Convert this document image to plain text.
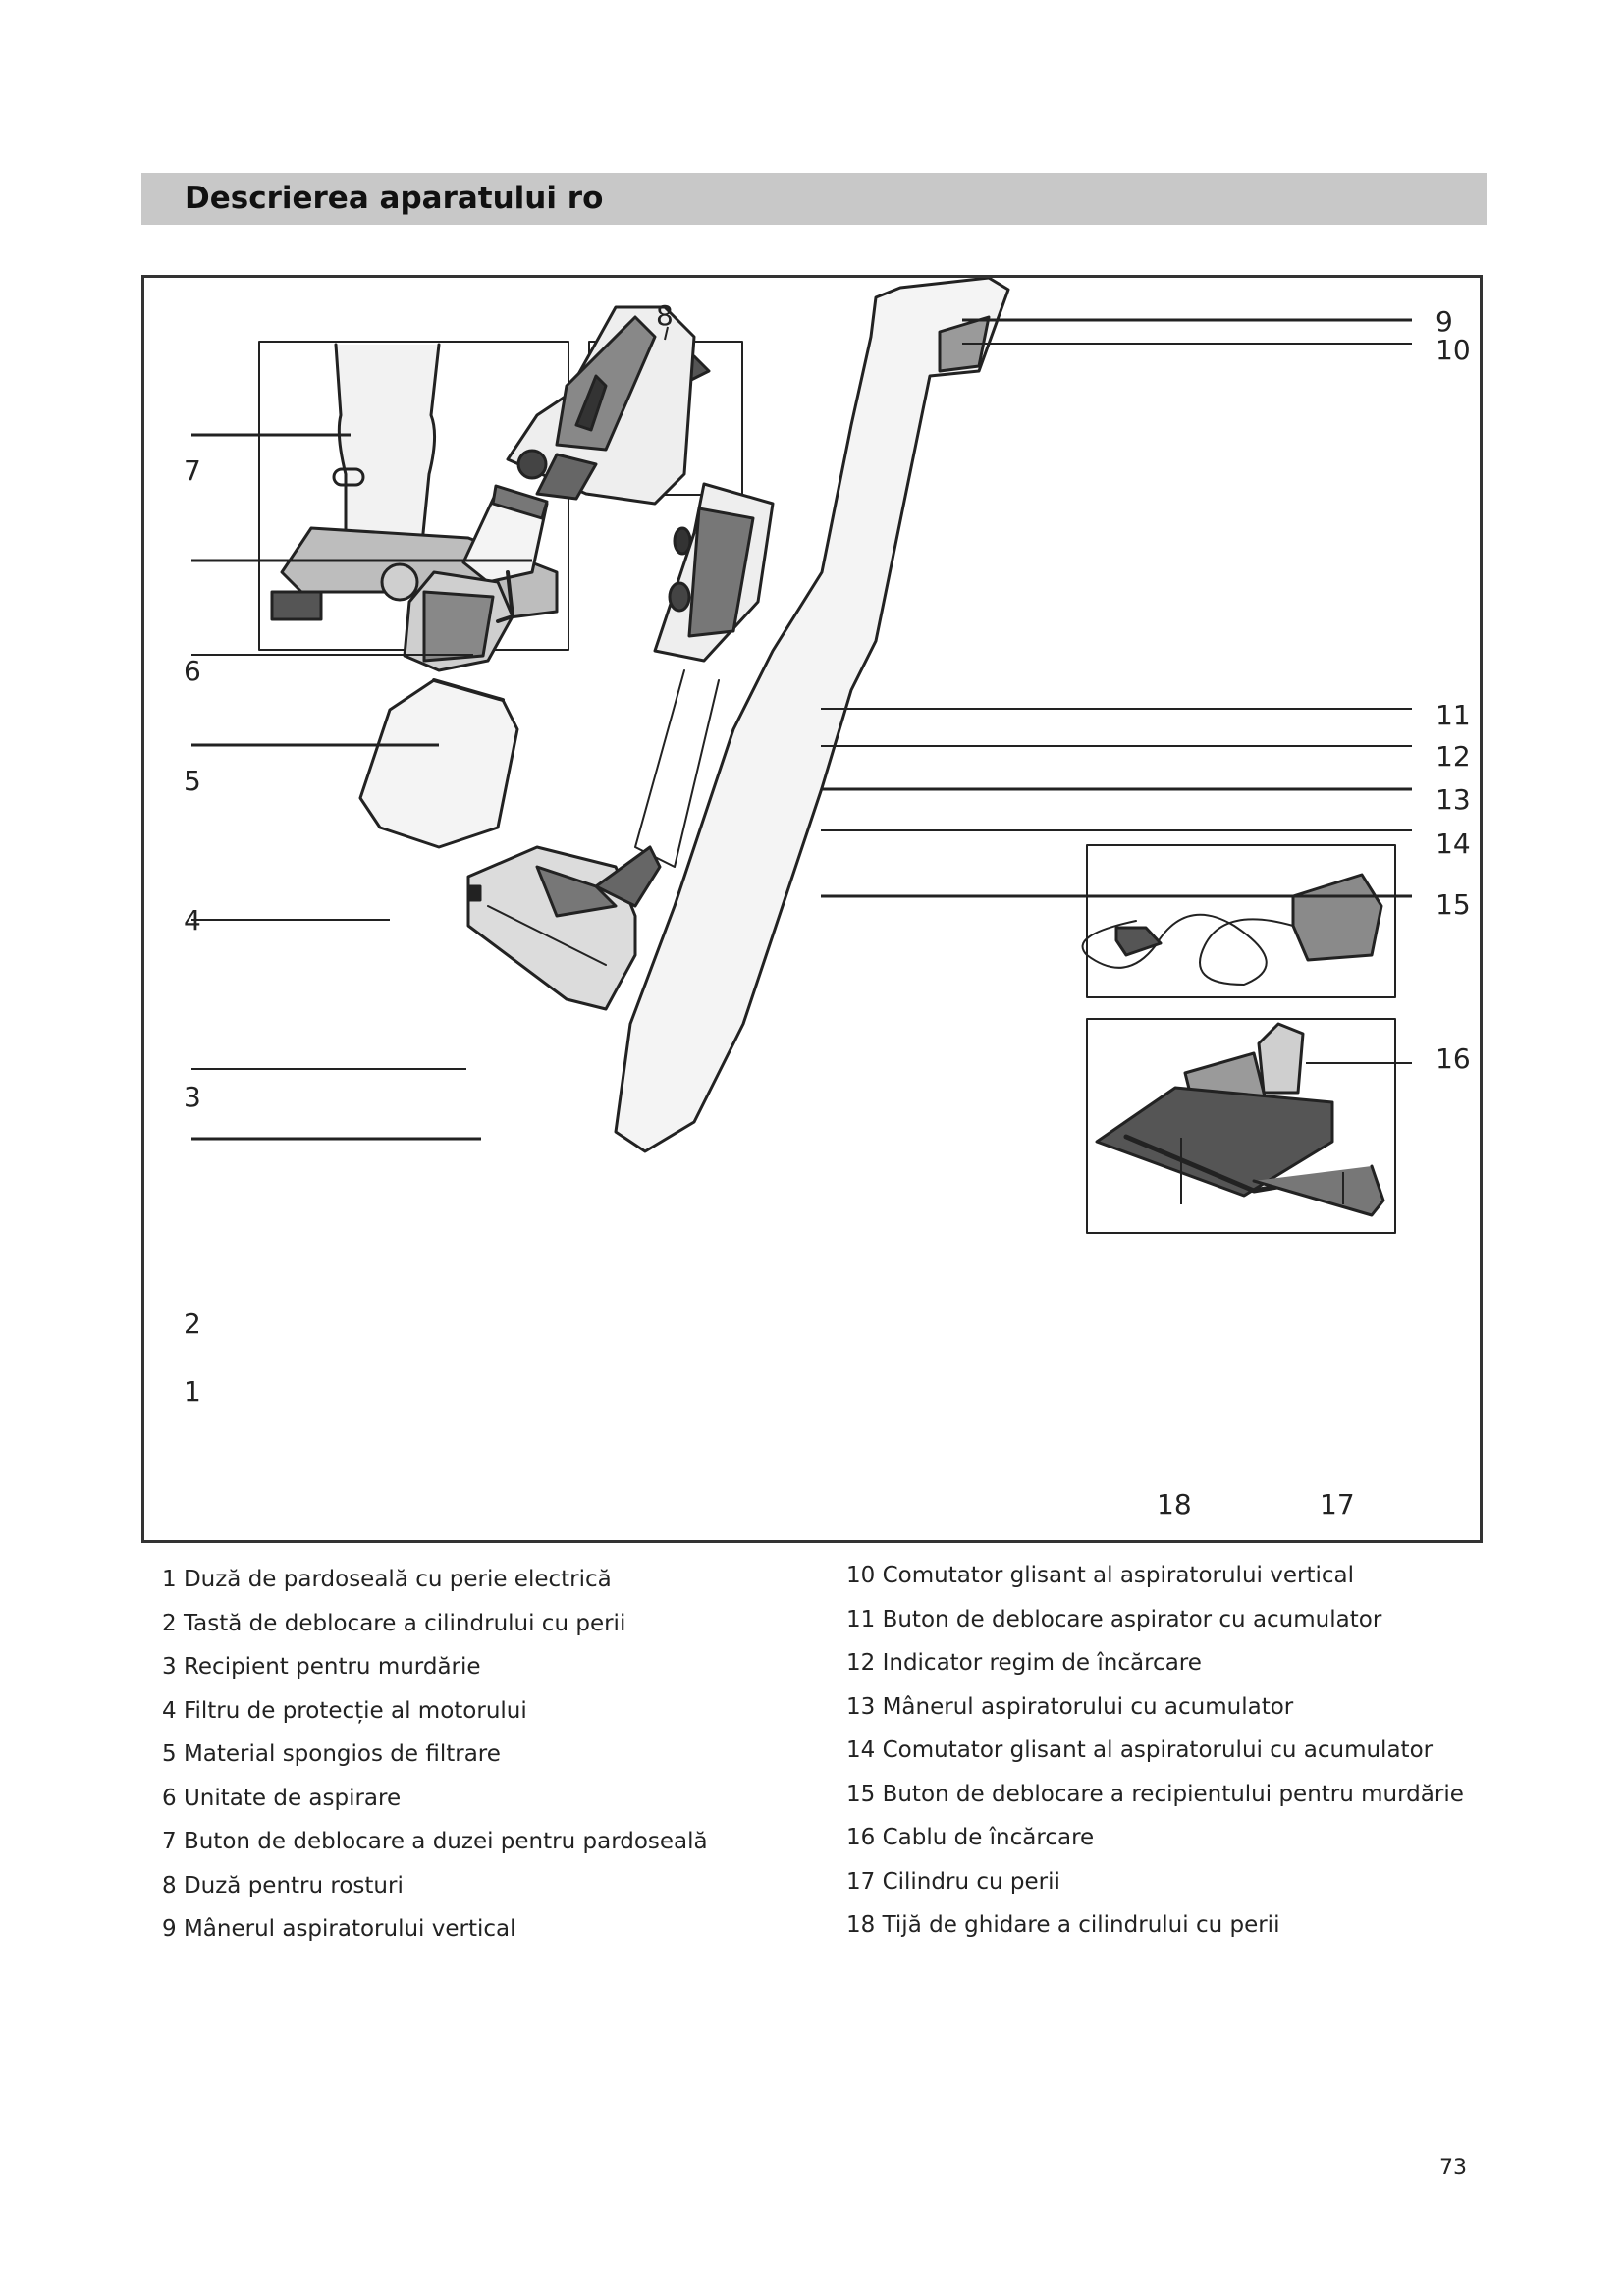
Descrierea aparatului ro
7
8
6
5
4
3
2
1
9
10
11
12
13
14
15
16
18	17
1 Duză de pardoseală cu perie electrică
2 Tastă de deblocare a cilindrului cu perii
3 Recipient pentru murdărie
4 Filtru de protecție al motorului
5 Material spongios de filtrare
6 Unitate de aspirare
7 Buton de deblocare a duzei pentru pardoseală
8 Duză pentru rosturi
9 Mânerul aspiratorului vertical
10 Comutator glisant al aspiratorului vertical
11 Buton de deblocare aspirator cu acumulator
12 Indicator regim de încărcare
13 Mânerul aspiratorului cu acumulator
14 Comutator glisant al aspiratorului cu acumulator
15 Buton de deblocare a recipientului pentru murdărie
16 Cablu de încărcare
17 Cilindru cu perii
18 Tijă de ghidare a cilindrului cu perii
73
